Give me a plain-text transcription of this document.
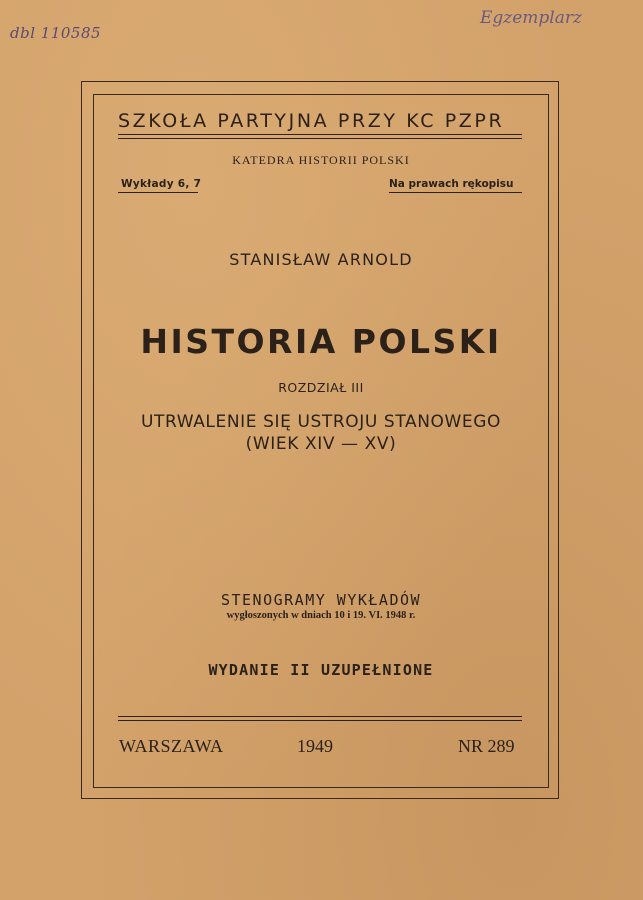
dbl 110585
Egzemplarz
SZKOŁA PARTYJNA PRZY KC PZPR
KATEDRA HISTORII POLSKI
Wykłady 6, 7	Na prawach rękopisu
STANISŁAW ARNOLD
HISTORIA POLSKI
ROZDZIAŁ III
UTRWALENIE SIĘ USTROJU STANOWEGO
(WIEK XIV — XV)
STENOGRAMY WYKŁADÓW
wygłoszonych w dniach 10 i 19. VI. 1948 r.
WYDANIE II UZUPEŁNIONE
WARSZAWA	1949	NR 289
